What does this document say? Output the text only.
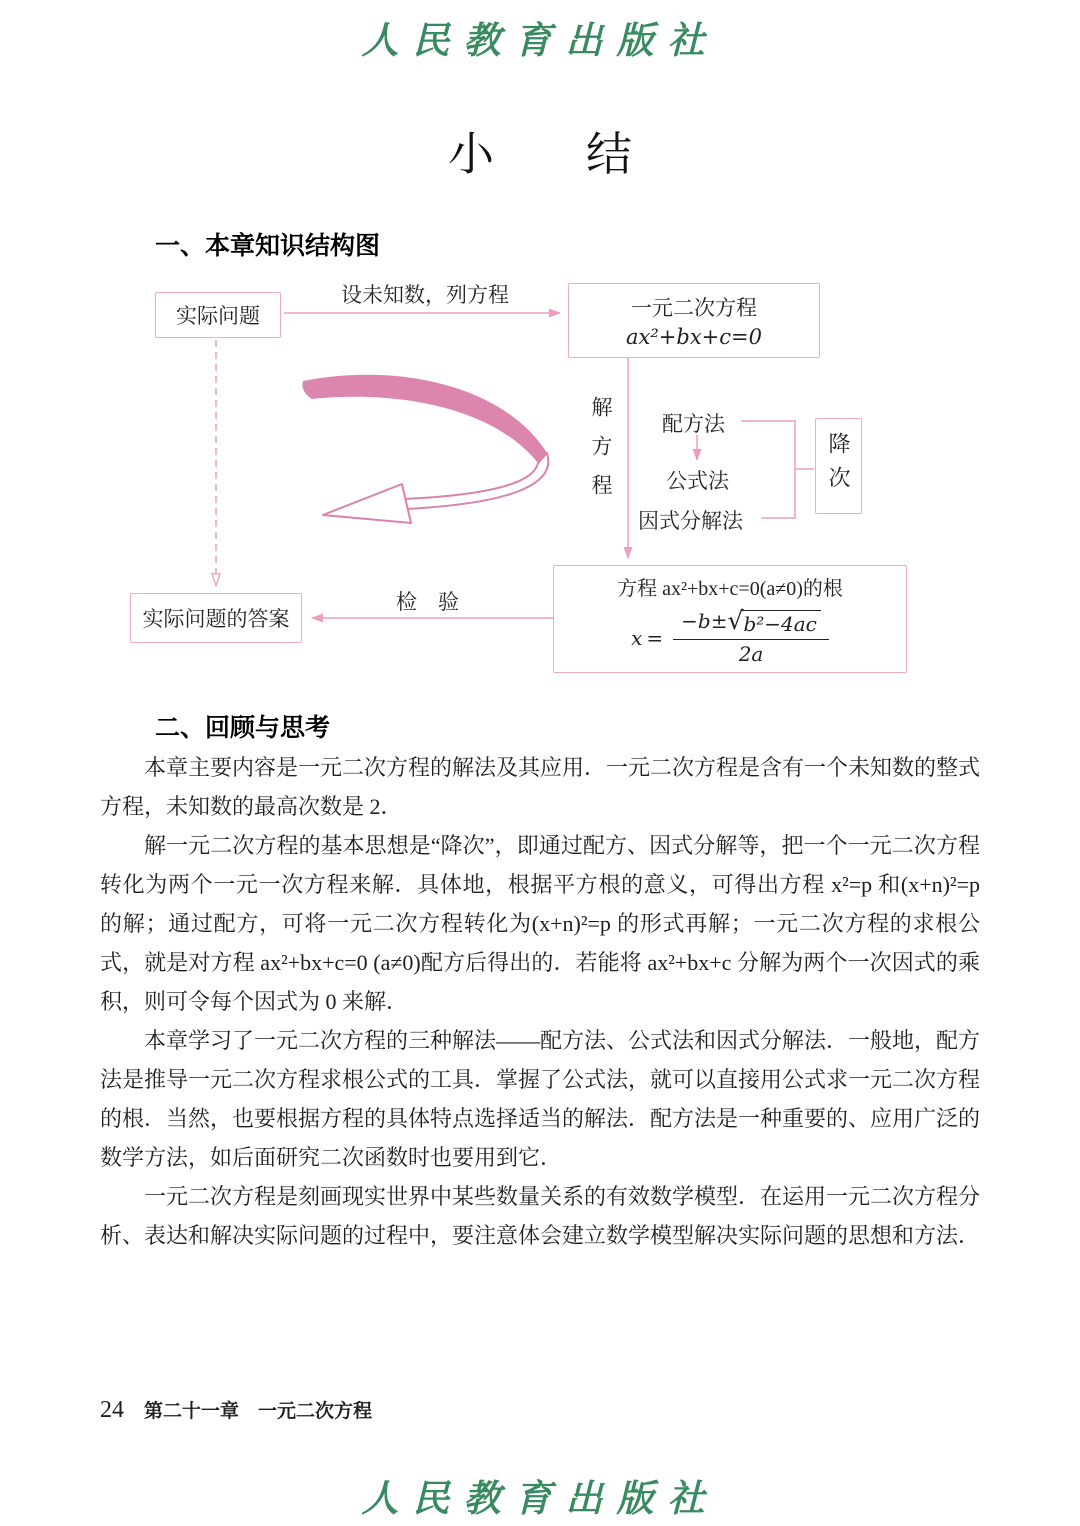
人民教育出版社
小　　结
一、本章知识结构图
实际问题	一元二次方程
ax²+bx+c=0
降次
方程 ax²+bx+c=0(a≠0)的根
$x = \frac{\text{−b± √ b²−4ac}}{2a}$
实际问题的答案
设未知数，列方程
解方程 配方法
公式法
因式分解法
检　验
二、回顾与思考

本章主要内容是一元二次方程的解法及其应用．一元二次方程是含有一个未知数的整式方程，未知数的最高次数是 2．

解一元二次方程的基本思想是“降次”，即通过配方、因式分解等，把一个一元二次方程转化为两个一元一次方程来解．具体地，根据平方根的意义，可得出方程 x²=p 和(x+n)²=p 的解；通过配方，可将一元二次方程转化为(x+n)²=p 的形式再解；一元二次方程的求根公式，就是对方程 ax²+bx+c=0 (a≠0)配方后得出的．若能将 ax²+bx+c 分解为两个一次因式的乘积，则可令每个因式为 0 来解．

本章学习了一元二次方程的三种解法——配方法、公式法和因式分解法．一般地，配方法是推导一元二次方程求根公式的工具．掌握了公式法，就可以直接用公式求一元二次方程的根．当然，也要根据方程的具体特点选择适当的解法．配方法是一种重要的、应用广泛的数学方法，如后面研究二次函数时也要用到它．

一元二次方程是刻画现实世界中某些数量关系的有效数学模型．在运用一元二次方程分析、表达和解决实际问题的过程中，要注意体会建立数学模型解决实际问题的思想和方法．

24 第二十一章　一元二次方程
人民教育出版社
